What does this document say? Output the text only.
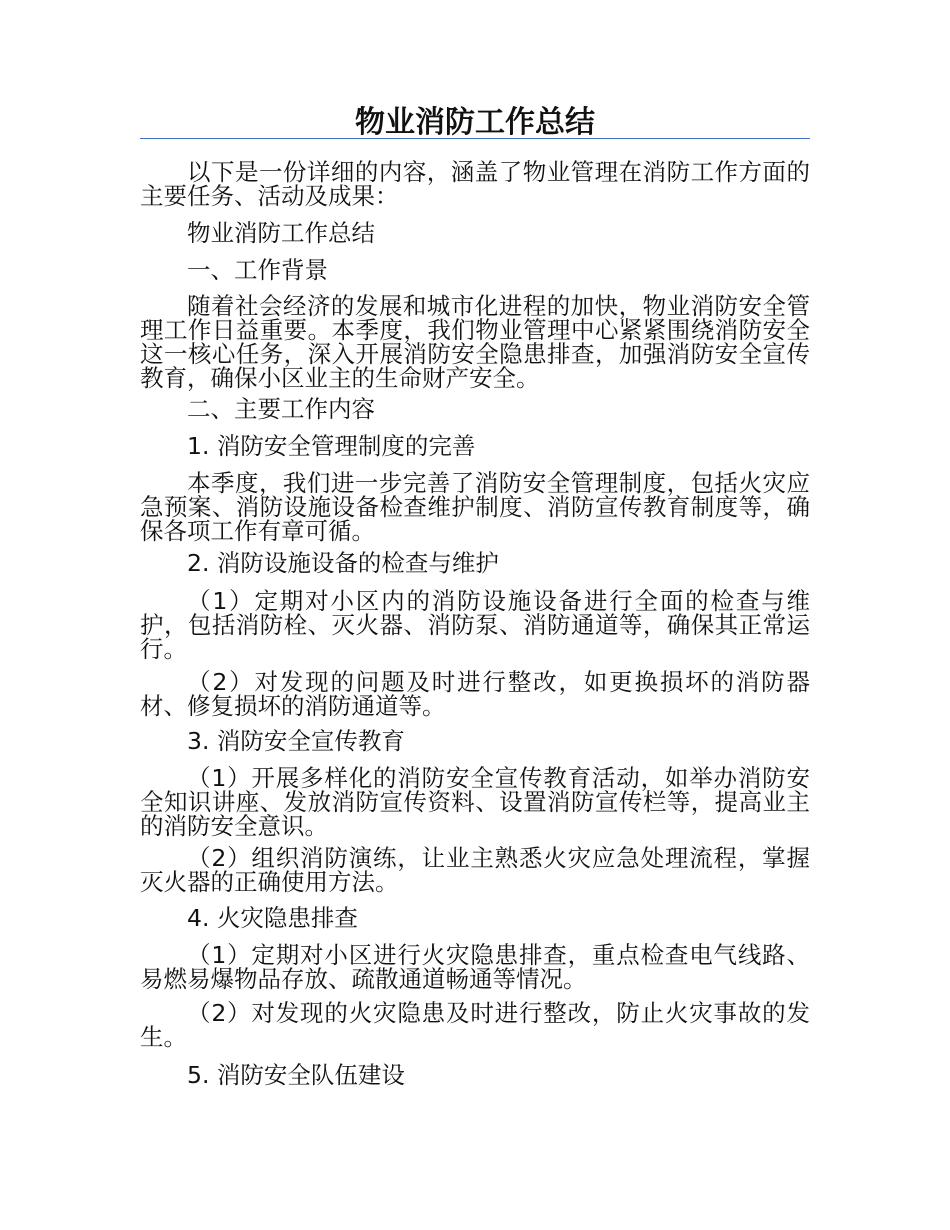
物业消防工作总结
以下是一份详细的内容，涵盖了物业管理在消防工作方面的主要任务、活动及成果：
物业消防工作总结
一、工作背景
随着社会经济的发展和城市化进程的加快，物业消防安全管理工作日益重要。本季度，我们物业管理中心紧紧围绕消防安全这一核心任务，深入开展消防安全隐患排查，加强消防安全宣传教育，确保小区业主的生命财产安全。
二、主要工作内容
1. 消防安全管理制度的完善
本季度，我们进一步完善了消防安全管理制度，包括火灾应急预案、消防设施设备检查维护制度、消防宣传教育制度等，确保各项工作有章可循。
2. 消防设施设备的检查与维护
（1）定期对小区内的消防设施设备进行全面的检查与维护，包括消防栓、灭火器、消防泵、消防通道等，确保其正常运行。
（2）对发现的问题及时进行整改，如更换损坏的消防器材、修复损坏的消防通道等。
3. 消防安全宣传教育
（1）开展多样化的消防安全宣传教育活动，如举办消防安全知识讲座、发放消防宣传资料、设置消防宣传栏等，提高业主的消防安全意识。
（2）组织消防演练，让业主熟悉火灾应急处理流程，掌握灭火器的正确使用方法。
4. 火灾隐患排查
（1）定期对小区进行火灾隐患排查，重点检查电气线路、易燃易爆物品存放、疏散通道畅通等情况。
（2）对发现的火灾隐患及时进行整改，防止火灾事故的发生。
5. 消防安全队伍建设
